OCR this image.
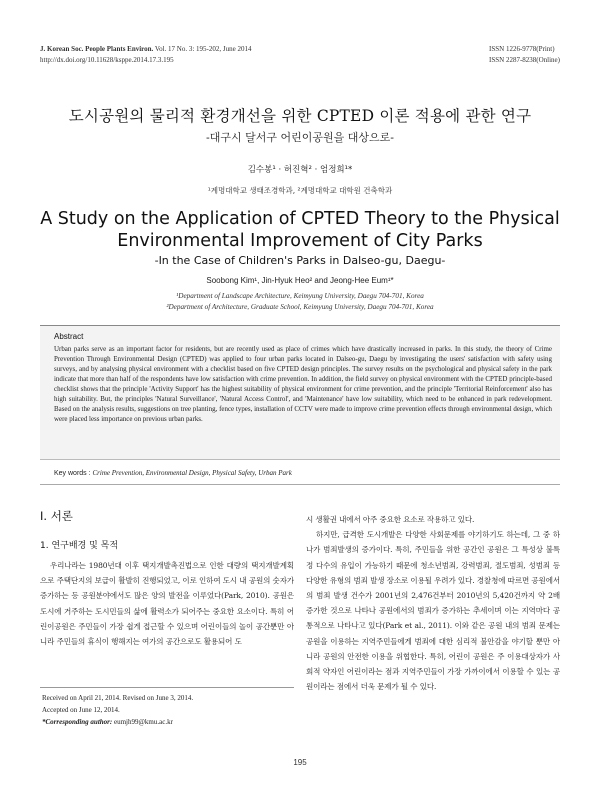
J. Korean Soc. People Plants Environ. Vol. 17 No. 3: 195-202, June 2014
http://dx.doi.org/10.11628/ksppe.2014.17.3.195
ISSN 1226-9778(Print)
ISSN 2287-8238(Online)
도시공원의 물리적 환경개선을 위한 CPTED 이론 적용에 관한 연구
-대구시 달서구 어린이공원을 대상으로-
김수봉¹ · 허진혁² · 엄정희¹*
¹계명대학교 생태조경학과, ²계명대학교 대학원 건축학과
A Study on the Application of CPTED Theory to the Physical
Environmental Improvement of City Parks
-In the Case of Children's Parks in Dalseo-gu, Daegu-
Soobong Kim¹, Jin-Hyuk Heo² and Jeong-Hee Eum¹*
¹Department of Landscape Architecture, Keimyung University, Daegu 704-701, Korea
²Department of Architecture, Graduate School, Keimyung University, Daegu 704-701, Korea
Abstract
Urban parks serve as an important factor for residents, but are recently used as place of crimes which have drastically increased in parks. In this study, the theory of Crime Prevention Through Environmental Design (CPTED) was applied to four urban parks located in Dalseo-gu, Daegu by investigating the users' satisfaction with safety using surveys, and by analysing physical environment with a checklist based on five CPTED design principles. The survey results on the psychological and physical safety in the park indicate that more than half of the respondents have low satisfaction with crime prevention. In addition, the field survey on physical environment with the CPTED principle-based checklist shows that the principle 'Activity Support' has the highest suitability of physical environment for crime prevention, and the principle 'Territorial Reinforcement' also has high suitability. But, the principles 'Natural Surveillance', 'Natural Access Control', and 'Maintenance' have low suitability, which need to be enhanced in park redevelopment. Based on the analysis results, suggestions on tree planting, fence types, installation of CCTV were made to improve crime prevention effects through environmental design, which were placed less importance on previous urban parks.
Key words : Crime Prevention, Environmental Design, Physical Safety, Urban Park
Ⅰ. 서론
1. 연구배경 및 목적

우리나라는 1980년대 이후 택지개발촉진법으로 인한 대량의 택지개발계획으로 주택단지의 보급이 활발히 진행되었고, 이로 인하여 도시 내 공원의 숫자가 증가하는 등 공원분야에서도 많은 양의 발전을 이루었다(Park, 2010). 공원은 도시에 거주하는 도시민들의 삶에 활력소가 되어주는 중요한 요소이다. 특히 어린이공원은 주민들이 가장 쉽게 접근할 수 있으며 어린이들의 놀이 공간뿐만 아니라 주민들의 휴식이 행해지는 여가의 공간으로도 활용되어 도

시 생활권 내에서 아주 중요한 요소로 작용하고 있다.

하지만, 급격한 도시개발은 다양한 사회문제를 야기하기도 하는데, 그 중 하나가 범죄발생의 증가이다. 특히, 주민들을 위한 공간인 공원은 그 특성상 불특정 다수의 유입이 가능하기 때문에 청소년범죄, 강력범죄, 절도범죄, 성범죄 등 다양한 유형의 범죄 발생 장소로 이용될 우려가 있다. 경찰청에 따르면 공원에서의 범죄 발생 건수가 2001년의 2,476건부터 2010년의 5,420건까지 약 2배 증가한 것으로 나타나 공원에서의 범죄가 증가하는 추세이며 이는 지역마다 공통적으로 나타나고 있다(Park et al., 2011). 이와 같은 공원 내의 범죄 문제는 공원을 이용하는 지역주민들에게 범죄에 대한 심리적 불안감을 야기할 뿐만 아니라 공원의 안전한 이용을 위협한다. 특히, 어린이 공원은 주 이용대상자가 사회적 약자인 어린이라는 점과 지역주민들이 가장 가까이에서 이용할 수 있는 공원이라는 점에서 더욱 문제가 될 수 있다.

Received on April 21, 2014. Revised on June 3, 2014.
Accepted on June 12, 2014.
*Corresponding author: eumjh99@kmu.ac.kr
195
